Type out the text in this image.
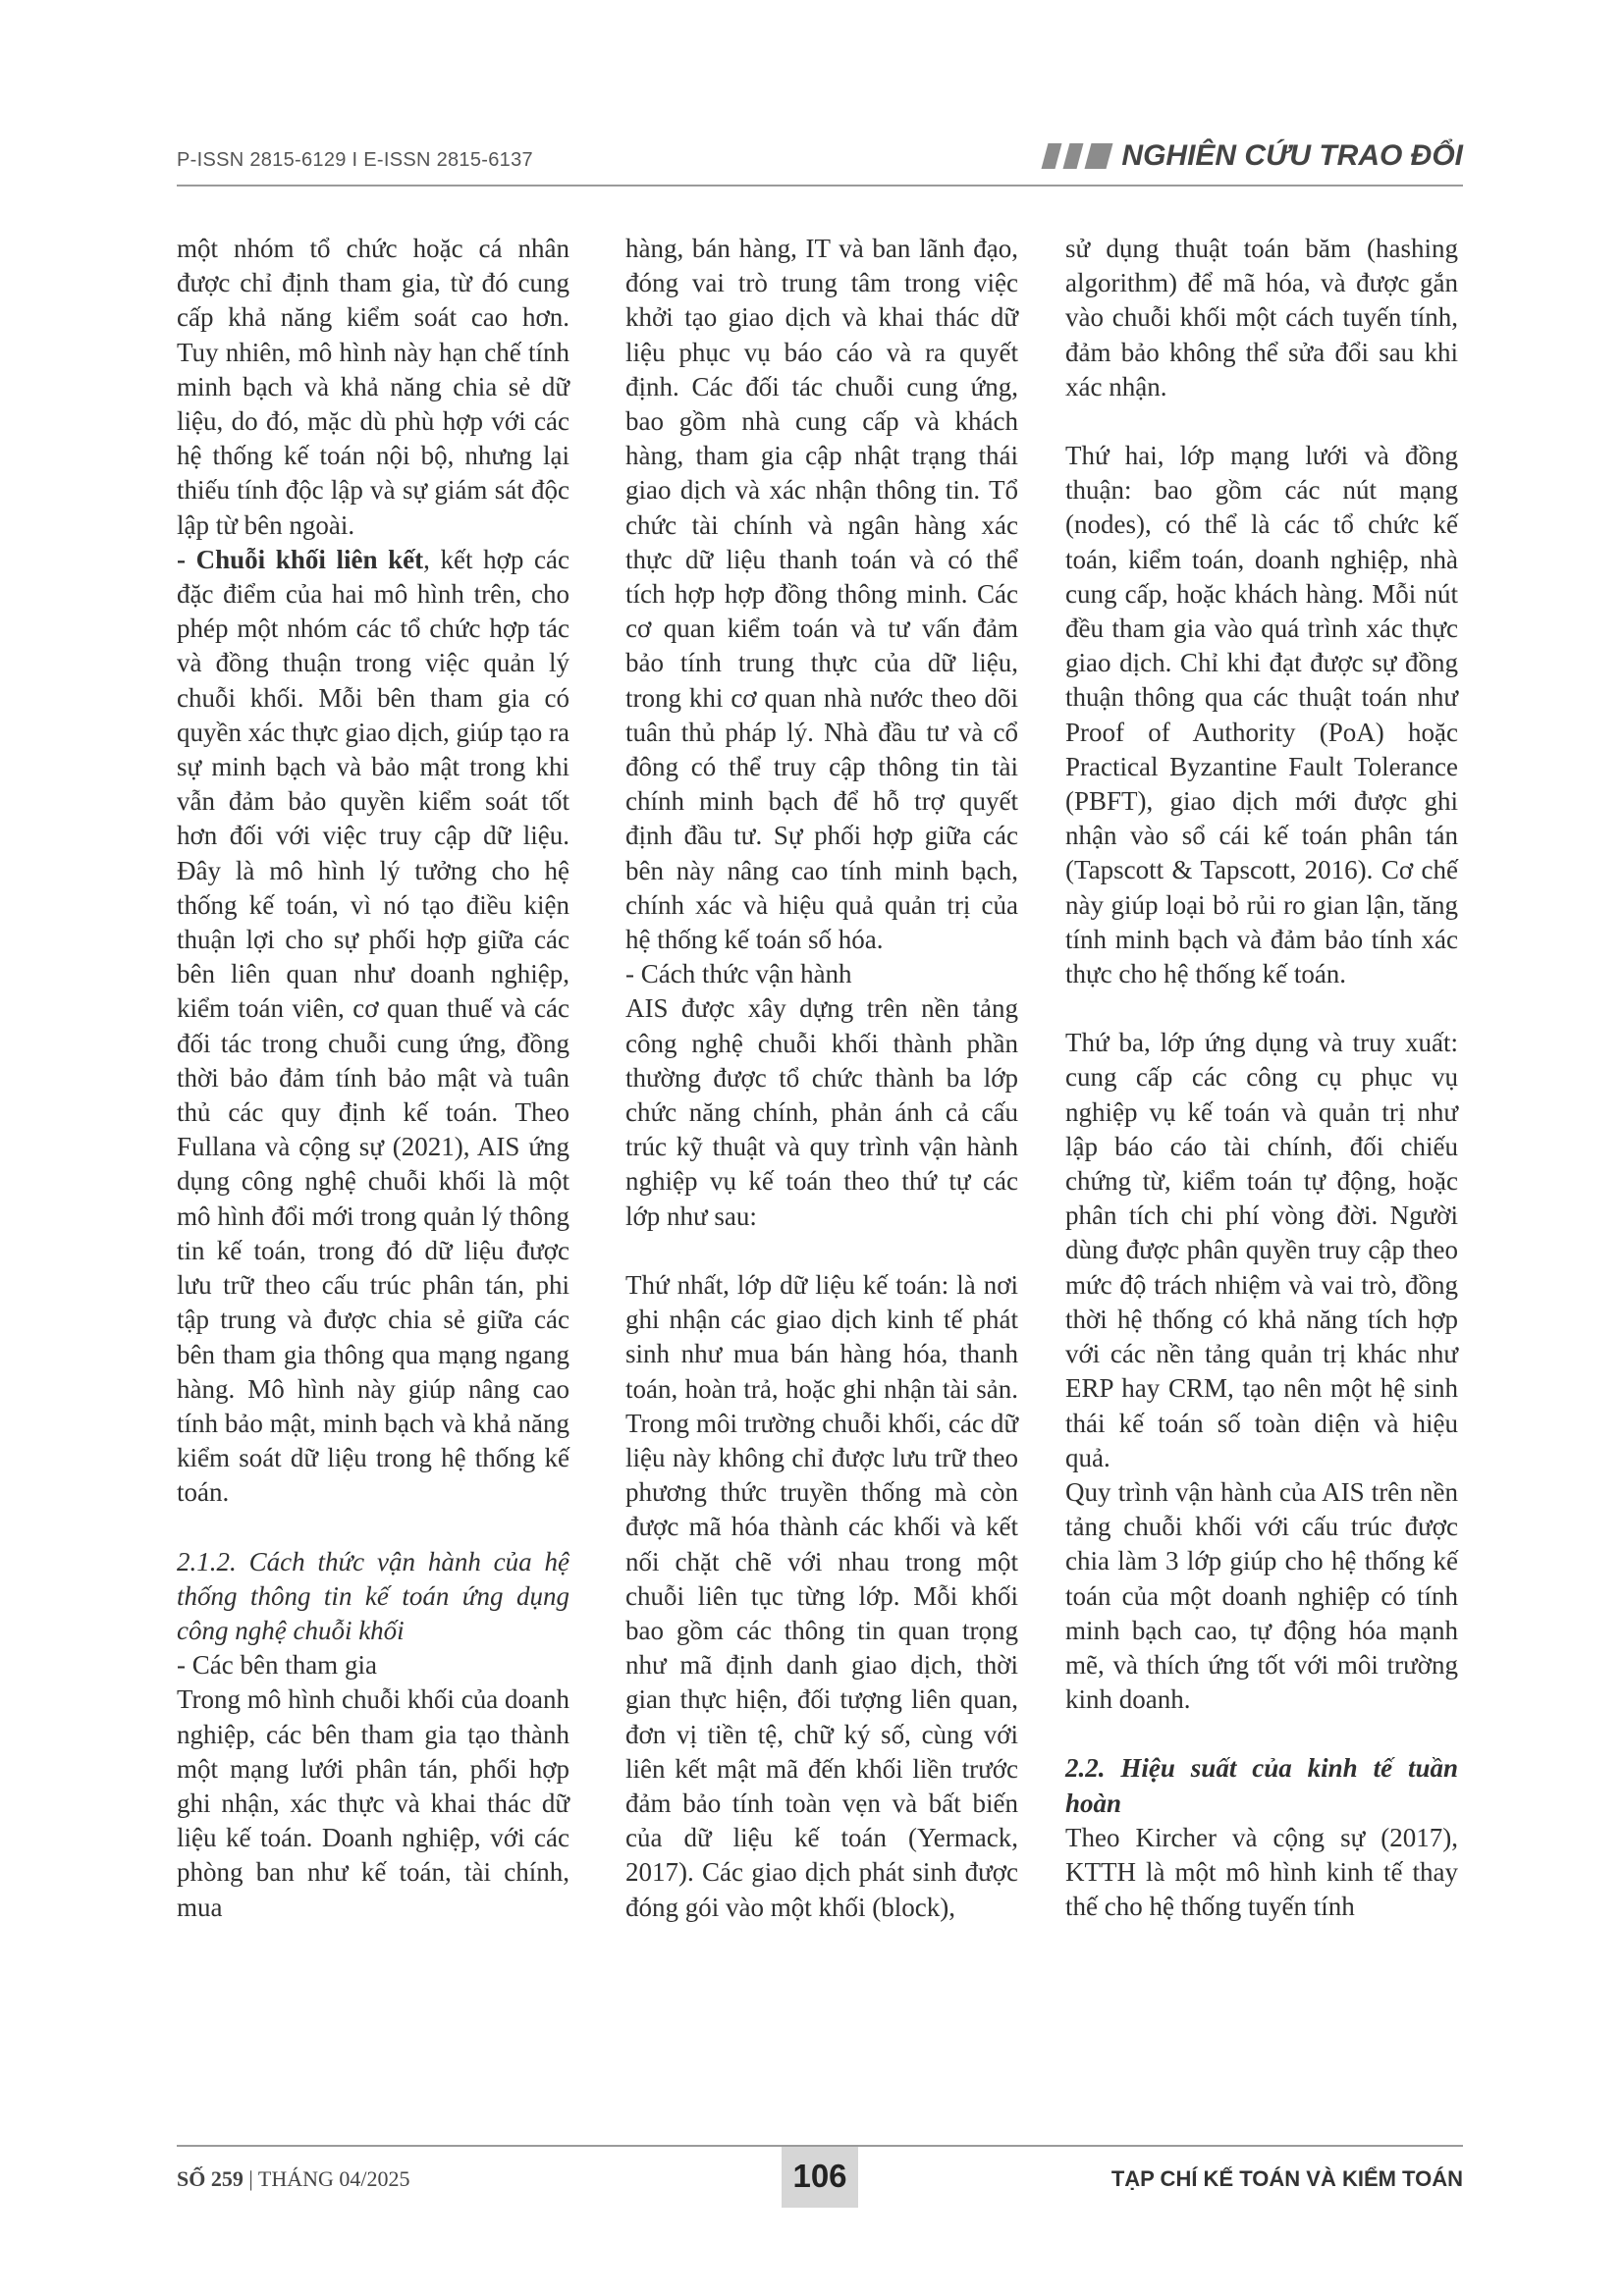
P-ISSN 2815-6129 I E-ISSN 2815-6137	NGHIÊN CỨU TRAO ĐỔI

một nhóm tổ chức hoặc cá nhân được chỉ định tham gia, từ đó cung cấp khả năng kiểm soát cao hơn. Tuy nhiên, mô hình này hạn chế tính minh bạch và khả năng chia sẻ dữ liệu, do đó, mặc dù phù hợp với các hệ thống kế toán nội bộ, nhưng lại thiếu tính độc lập và sự giám sát độc lập từ bên ngoài.

- Chuỗi khối liên kết, kết hợp các đặc điểm của hai mô hình trên, cho phép một nhóm các tổ chức hợp tác và đồng thuận trong việc quản lý chuỗi khối. Mỗi bên tham gia có quyền xác thực giao dịch, giúp tạo ra sự minh bạch và bảo mật trong khi vẫn đảm bảo quyền kiểm soát tốt hơn đối với việc truy cập dữ liệu. Đây là mô hình lý tưởng cho hệ thống kế toán, vì nó tạo điều kiện thuận lợi cho sự phối hợp giữa các bên liên quan như doanh nghiệp, kiểm toán viên, cơ quan thuế và các đối tác trong chuỗi cung ứng, đồng thời bảo đảm tính bảo mật và tuân thủ các quy định kế toán. Theo Fullana và cộng sự (2021), AIS ứng dụng công nghệ chuỗi khối là một mô hình đổi mới trong quản lý thông tin kế toán, trong đó dữ liệu được lưu trữ theo cấu trúc phân tán, phi tập trung và được chia sẻ giữa các bên tham gia thông qua mạng ngang hàng. Mô hình này giúp nâng cao tính bảo mật, minh bạch và khả năng kiểm soát dữ liệu trong hệ thống kế toán.

2.1.2. Cách thức vận hành của hệ thống thông tin kế toán ứng dụng công nghệ chuỗi khối

- Các bên tham gia

Trong mô hình chuỗi khối của doanh nghiệp, các bên tham gia tạo thành một mạng lưới phân tán, phối hợp ghi nhận, xác thực và khai thác dữ liệu kế toán. Doanh nghiệp, với các phòng ban như kế toán, tài chính, mua

hàng, bán hàng, IT và ban lãnh đạo, đóng vai trò trung tâm trong việc khởi tạo giao dịch và khai thác dữ liệu phục vụ báo cáo và ra quyết định. Các đối tác chuỗi cung ứng, bao gồm nhà cung cấp và khách hàng, tham gia cập nhật trạng thái giao dịch và xác nhận thông tin. Tổ chức tài chính và ngân hàng xác thực dữ liệu thanh toán và có thể tích hợp hợp đồng thông minh. Các cơ quan kiểm toán và tư vấn đảm bảo tính trung thực của dữ liệu, trong khi cơ quan nhà nước theo dõi tuân thủ pháp lý. Nhà đầu tư và cổ đông có thể truy cập thông tin tài chính minh bạch để hỗ trợ quyết định đầu tư. Sự phối hợp giữa các bên này nâng cao tính minh bạch, chính xác và hiệu quả quản trị của hệ thống kế toán số hóa.

- Cách thức vận hành

AIS được xây dựng trên nền tảng công nghệ chuỗi khối thành phần thường được tổ chức thành ba lớp chức năng chính, phản ánh cả cấu trúc kỹ thuật và quy trình vận hành nghiệp vụ kế toán theo thứ tự các lớp như sau:

Thứ nhất, lớp dữ liệu kế toán: là nơi ghi nhận các giao dịch kinh tế phát sinh như mua bán hàng hóa, thanh toán, hoàn trả, hoặc ghi nhận tài sản. Trong môi trường chuỗi khối, các dữ liệu này không chỉ được lưu trữ theo phương thức truyền thống mà còn được mã hóa thành các khối và kết nối chặt chẽ với nhau trong một chuỗi liên tục từng lớp. Mỗi khối bao gồm các thông tin quan trọng như mã định danh giao dịch, thời gian thực hiện, đối tượng liên quan, đơn vị tiền tệ, chữ ký số, cùng với liên kết mật mã đến khối liền trước đảm bảo tính toàn vẹn và bất biến của dữ liệu kế toán (Yermack, 2017). Các giao dịch phát sinh được đóng gói vào một khối (block),

sử dụng thuật toán băm (hashing algorithm) để mã hóa, và được gắn vào chuỗi khối một cách tuyến tính, đảm bảo không thể sửa đổi sau khi xác nhận.

Thứ hai, lớp mạng lưới và đồng thuận: bao gồm các nút mạng (nodes), có thể là các tổ chức kế toán, kiểm toán, doanh nghiệp, nhà cung cấp, hoặc khách hàng. Mỗi nút đều tham gia vào quá trình xác thực giao dịch. Chỉ khi đạt được sự đồng thuận thông qua các thuật toán như Proof of Authority (PoA) hoặc Practical Byzantine Fault Tolerance (PBFT), giao dịch mới được ghi nhận vào sổ cái kế toán phân tán (Tapscott & Tapscott, 2016). Cơ chế này giúp loại bỏ rủi ro gian lận, tăng tính minh bạch và đảm bảo tính xác thực cho hệ thống kế toán.

Thứ ba, lớp ứng dụng và truy xuất: cung cấp các công cụ phục vụ nghiệp vụ kế toán và quản trị như lập báo cáo tài chính, đối chiếu chứng từ, kiểm toán tự động, hoặc phân tích chi phí vòng đời. Người dùng được phân quyền truy cập theo mức độ trách nhiệm và vai trò, đồng thời hệ thống có khả năng tích hợp với các nền tảng quản trị khác như ERP hay CRM, tạo nên một hệ sinh thái kế toán số toàn diện và hiệu quả.

Quy trình vận hành của AIS trên nền tảng chuỗi khối với cấu trúc được chia làm 3 lớp giúp cho hệ thống kế toán của một doanh nghiệp có tính minh bạch cao, tự động hóa mạnh mẽ, và thích ứng tốt với môi trường kinh doanh.

2.2. Hiệu suất của kinh tế tuần hoàn

Theo Kircher và cộng sự (2017), KTTH là một mô hình kinh tế thay thế cho hệ thống tuyến tính

SỐ 259 | THÁNG 04/2025	106	TẠP CHÍ KẾ TOÁN VÀ KIỂM TOÁN
